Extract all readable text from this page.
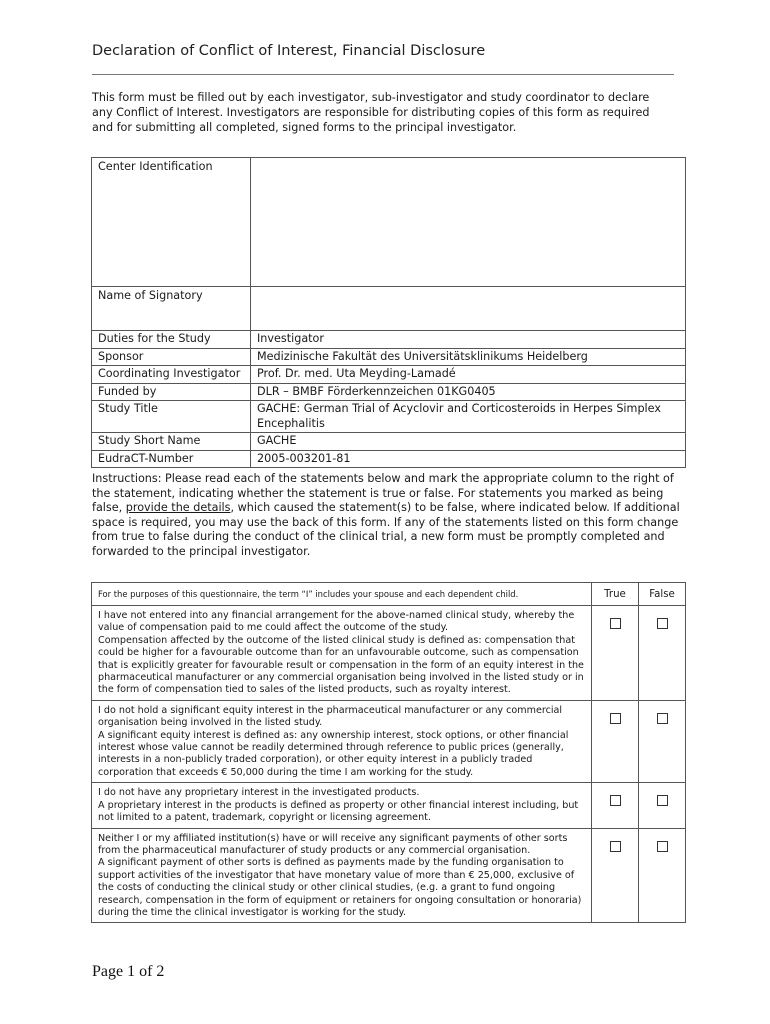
Declaration of Conflict of Interest, Financial Disclosure
This form must be filled out by each investigator, sub-investigator and study coordinator to declare any Conflict of Interest. Investigators are responsible for distributing copies of this form as required and for submitting all completed, signed forms to the principal investigator.
Center Identification	
Name of Signatory	
Duties for the Study	Investigator
Sponsor	Medizinische Fakultät des Universitätsklinikums Heidelberg
Coordinating Investigator	Prof. Dr. med. Uta Meyding-Lamadé
Funded by	DLR – BMBF Förderkennzeichen 01KG0405
Study Title	GACHE: German Trial of Acyclovir and Corticosteroids in Herpes Simplex Encephalitis
Study Short Name	GACHE
EudraCT-Number	2005-003201-81
Instructions: Please read each of the statements below and mark the appropriate column to the right of the statement, indicating whether the statement is true or false. For statements you marked as being false, provide the details, which caused the statement(s) to be false, where indicated below. If additional space is required, you may use the back of this form. If any of the statements listed on this form change from true to false during the conduct of the clinical trial, a new form must be promptly completed and forwarded to the principal investigator.
For the purposes of this questionnaire, the term “I” includes your spouse and each dependent child.	True	False
I have not entered into any financial arrangement for the above-named clinical study, whereby the value of compensation paid to me could affect the outcome of the study.
Compensation affected by the outcome of the listed clinical study is defined as: compensation that could be higher for a favourable outcome than for an unfavourable outcome, such as compensation that is explicitly greater for favourable result or compensation in the form of an equity interest in the pharmaceutical manufacturer or any commercial organisation being involved in the listed study or in the form of compensation tied to sales of the listed products, such as royalty interest.		
I do not hold a significant equity interest in the pharmaceutical manufacturer or any commercial organisation being involved in the listed study.
A significant equity interest is defined as: any ownership interest, stock options, or other financial interest whose value cannot be readily determined through reference to public prices (generally, interests in a non-publicly traded corporation), or other equity interest in a publicly traded corporation that exceeds € 50,000 during the time I am working for the study.		
I do not have any proprietary interest in the investigated products.
A proprietary interest in the products is defined as property or other financial interest including, but not limited to a patent, trademark, copyright or licensing agreement.		
Neither I or my affiliated institution(s) have or will receive any significant payments of other sorts from the pharmaceutical manufacturer of study products or any commercial organisation.
A significant payment of other sorts is defined as payments made by the funding organisation to support activities of the investigator that have monetary value of more than € 25,000, exclusive of the costs of conducting the clinical study or other clinical studies, (e.g. a grant to fund ongoing research, compensation in the form of equipment or retainers for ongoing consultation or honoraria) during the time the clinical investigator is working for the study.		
Page 1 of 2
